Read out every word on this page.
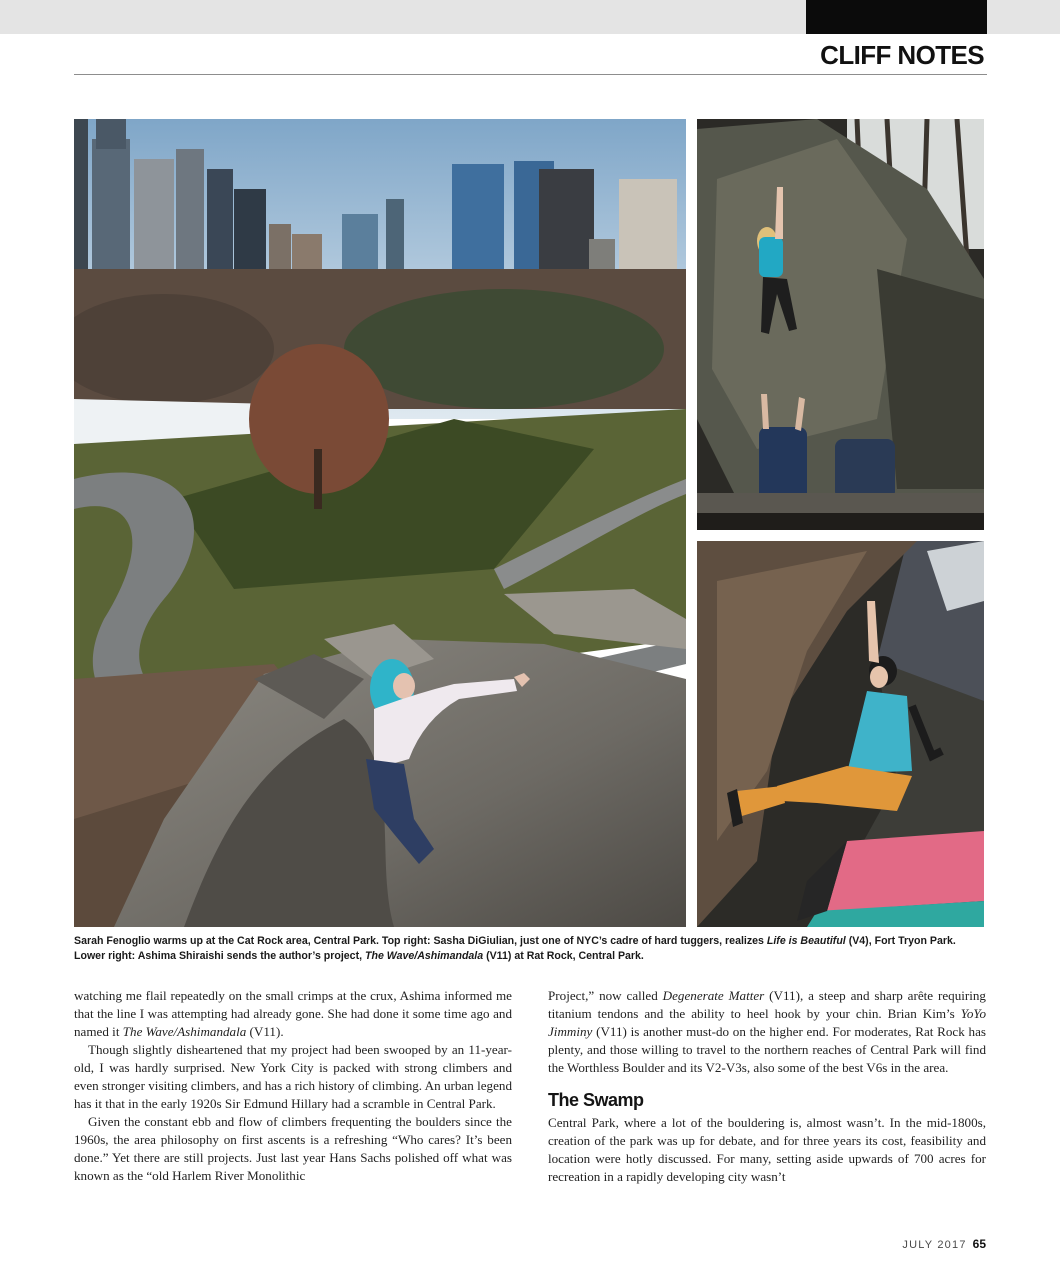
CLIFF NOTES
Sarah Fenoglio warms up at the Cat Rock area, Central Park. Top right: Sasha DiGiulian, just one of NYC’s cadre of hard tuggers, realizes Life is Beautiful (V4), Fort Tryon Park. Lower right: Ashima Shiraishi sends the author’s project, The Wave/Ashimandala (V11) at Rat Rock, Central Park.

watching me flail repeatedly on the small crimps at the crux, Ashima informed me that the line I was attempting had already gone. She had done it some time ago and named it The Wave/Ashimandala (V11).

Though slightly disheartened that my project had been swooped by an 11-year-old, I was hardly surprised. New York City is packed with strong climbers and even stronger visiting climbers, and has a rich history of climbing. An urban legend has it that in the early 1920s Sir Edmund Hillary had a scramble in Central Park.

Given the constant ebb and flow of climbers frequenting the boulders since the 1960s, the area philosophy on first ascents is a refreshing “Who cares? It’s been done.” Yet there are still projects. Just last year Hans Sachs polished off what was known as the “old Harlem River Monolithic

Project,” now called Degenerate Matter (V11), a steep and sharp arête requiring titanium tendons and the ability to heel hook by your chin. Brian Kim’s YoYo Jimminy (V11) is another must-do on the higher end. For moderates, Rat Rock has plenty, and those willing to travel to the northern reaches of Central Park will find the Worthless Boulder and its V2-V3s, also some of the best V6s in the area.

The Swamp

Central Park, where a lot of the bouldering is, almost wasn’t. In the mid-1800s, creation of the park was up for debate, and for three years its cost, feasibility and location were hotly discussed. For many, setting aside upwards of 700 acres for recreation in a rapidly developing city wasn’t

JULY 2017 65
